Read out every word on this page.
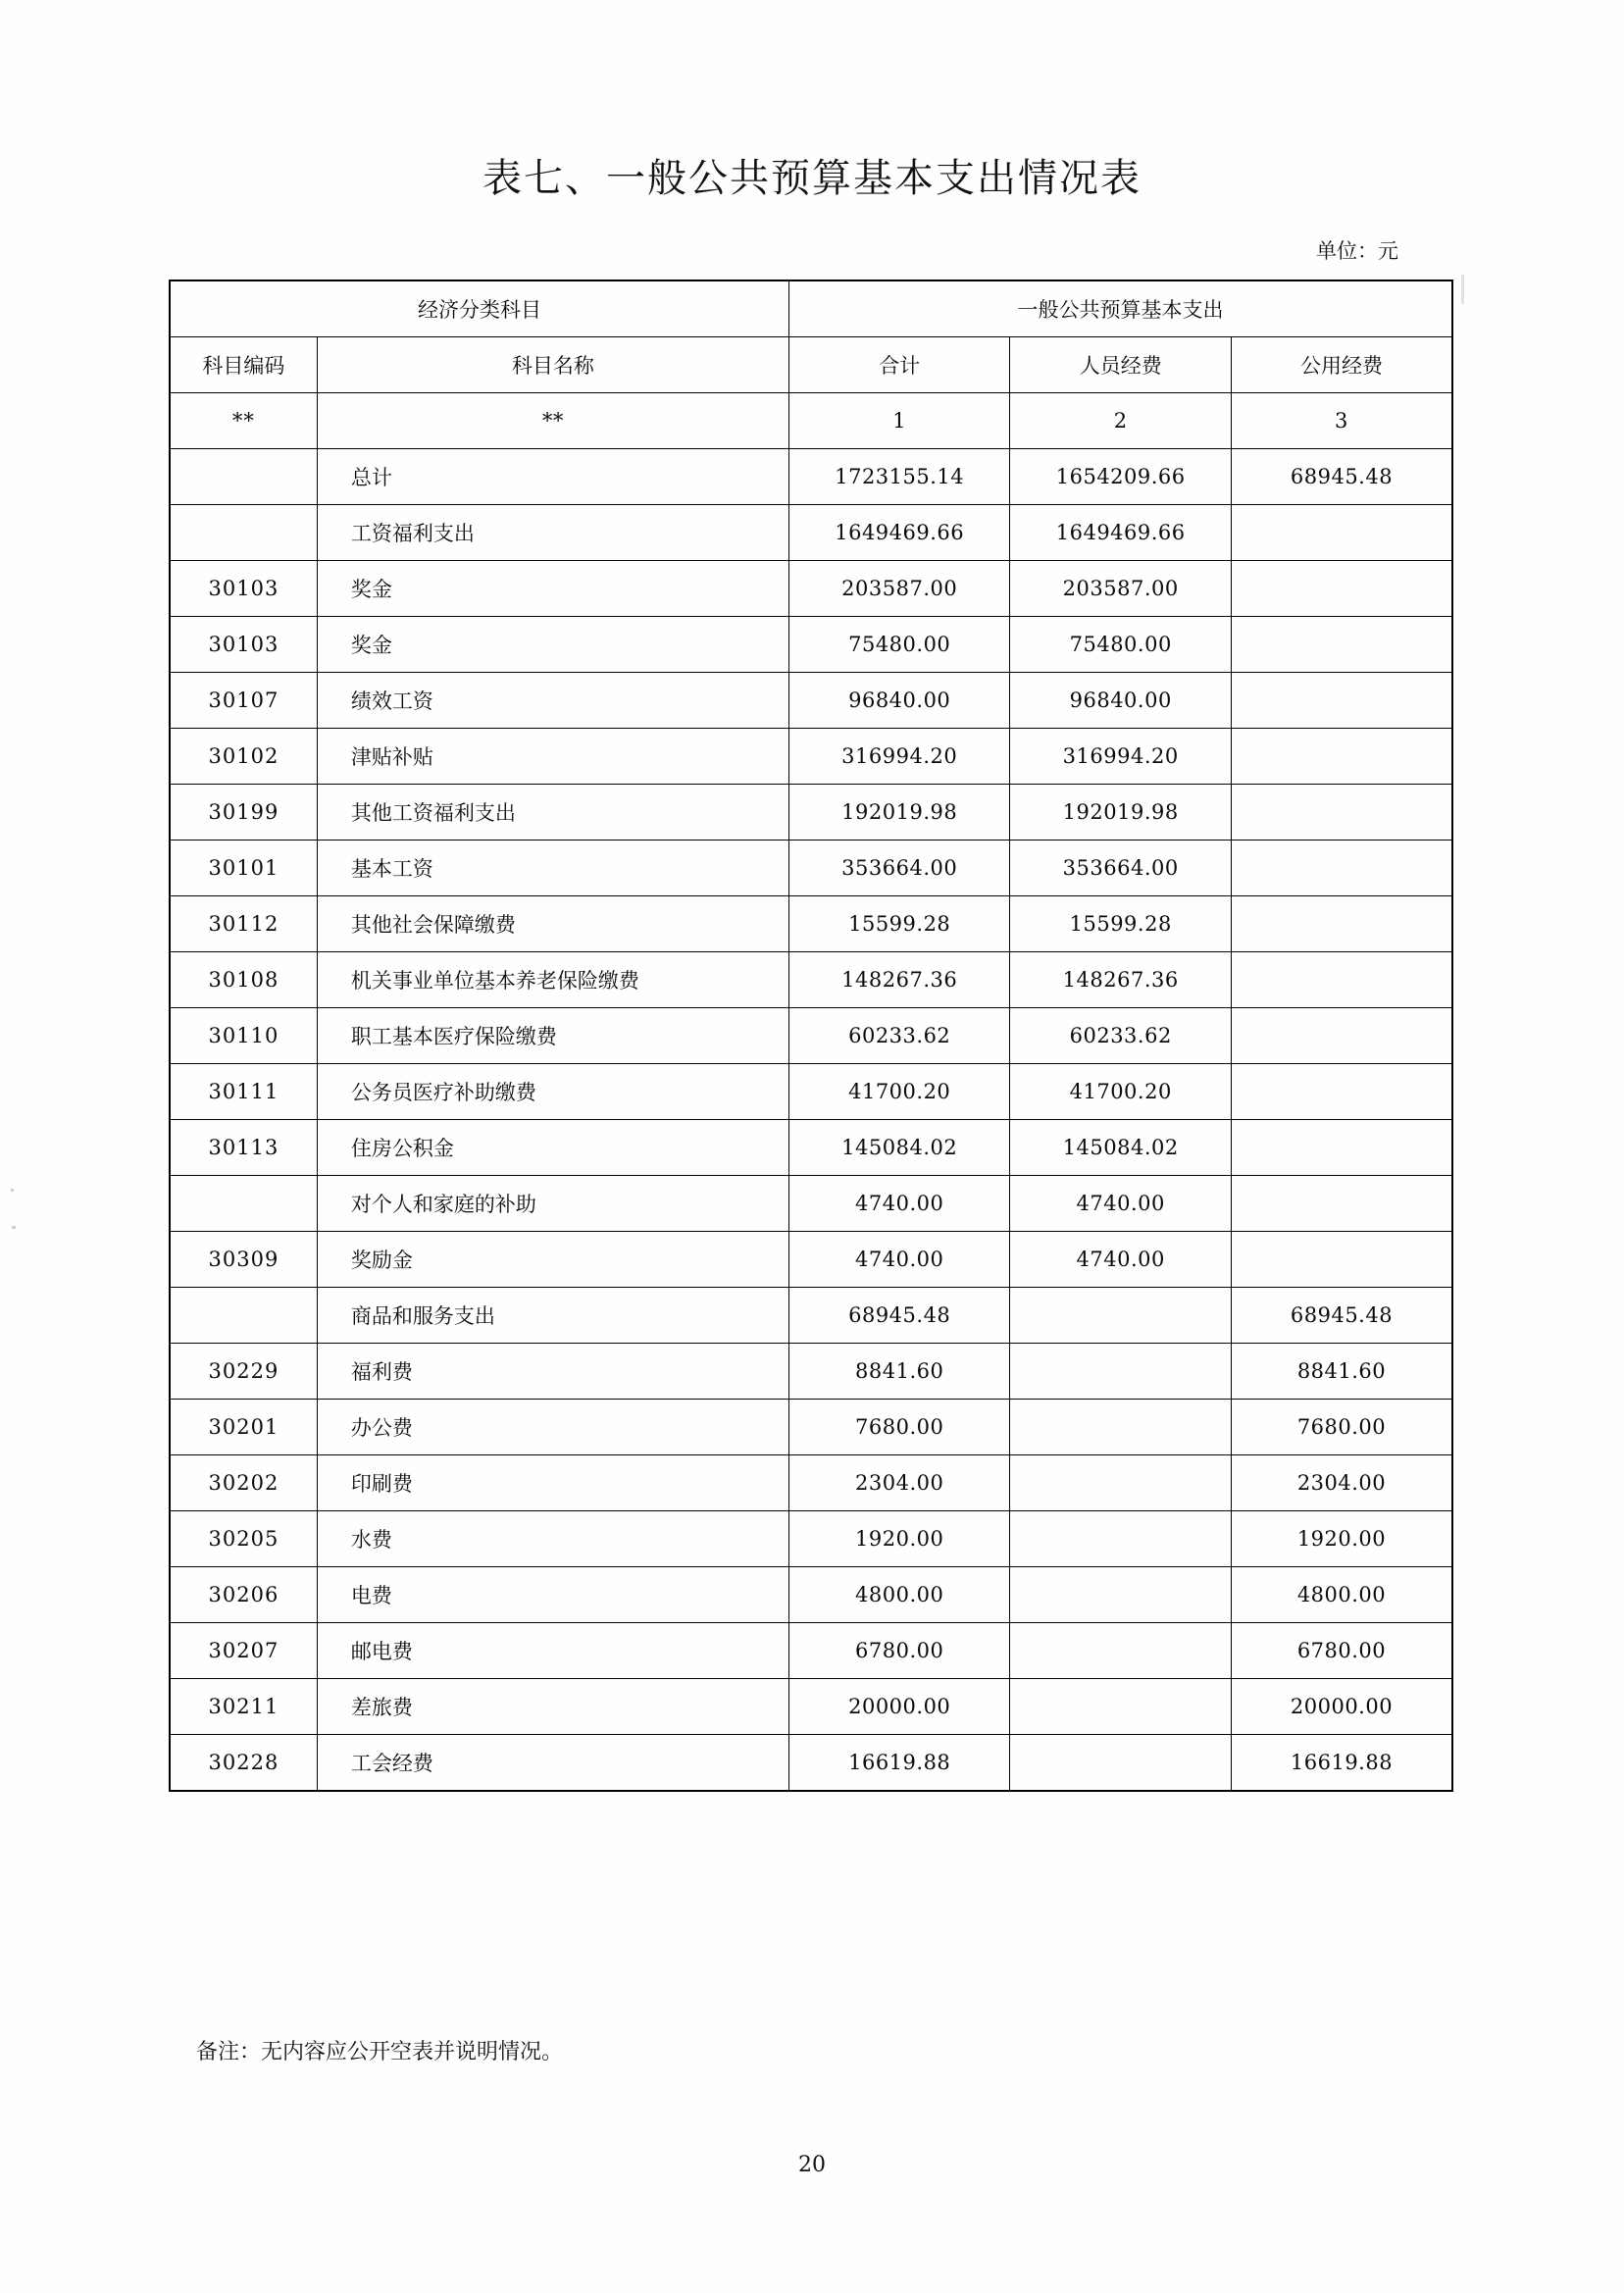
表七、一般公共预算基本支出情况表
单位：元
经济分类科目		一般公共预算基本支出		
科目编码	科目名称	合计	人员经费	公用经费
**	**	1	2	3
	总计	1723155.14	1654209.66	68945.48
	工资福利支出	1649469.66	1649469.66	
30103	奖金	203587.00	203587.00	
30103	奖金	75480.00	75480.00	
30107	绩效工资	96840.00	96840.00	
30102	津贴补贴	316994.20	316994.20	
30199	其他工资福利支出	192019.98	192019.98	
30101	基本工资	353664.00	353664.00	
30112	其他社会保障缴费	15599.28	15599.28	
30108	机关事业单位基本养老保险缴费	148267.36	148267.36	
30110	职工基本医疗保险缴费	60233.62	60233.62	
30111	公务员医疗补助缴费	41700.20	41700.20	
30113	住房公积金	145084.02	145084.02	
	对个人和家庭的补助	4740.00	4740.00	
30309	奖励金	4740.00	4740.00	
	商品和服务支出	68945.48		68945.48
30229	福利费	8841.60		8841.60
30201	办公费	7680.00		7680.00
30202	印刷费	2304.00		2304.00
30205	水费	1920.00		1920.00
30206	电费	4800.00		4800.00
30207	邮电费	6780.00		6780.00
30211	差旅费	20000.00		20000.00
30228	工会经费	16619.88		16619.88
备注：无内容应公开空表并说明情况。
20
